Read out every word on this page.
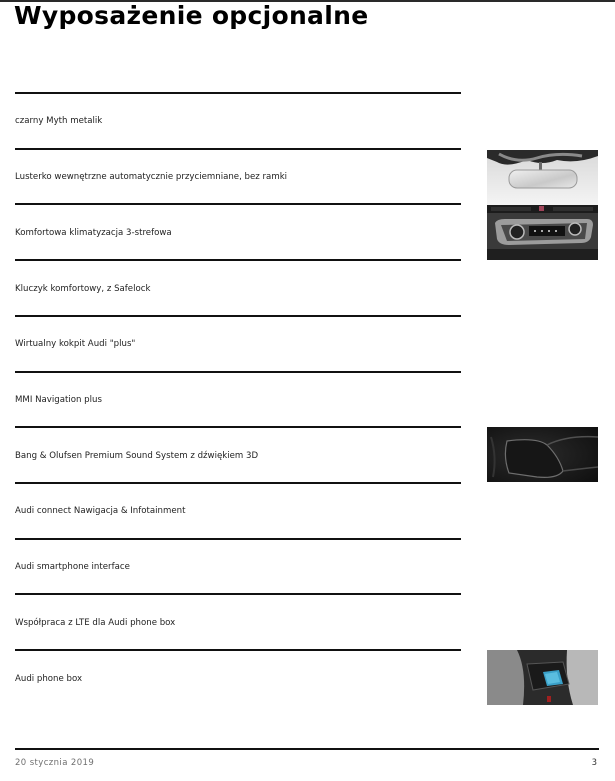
Wyposażenie opcjonalne
czarny Myth metalik
Lusterko wewnętrzne automatycznie przyciemniane, bez ramki
Komfortowa klimatyzacja 3-strefowa
Kluczyk komfortowy, z Safelock
Wirtualny kokpit Audi "plus"
MMI Navigation plus
Bang & Olufsen Premium Sound System z dźwiękiem 3D
Audi connect Nawigacja & Infotainment
Audi smartphone interface
Współpraca z LTE dla Audi phone box
Audi phone box
20 stycznia 2019	3
